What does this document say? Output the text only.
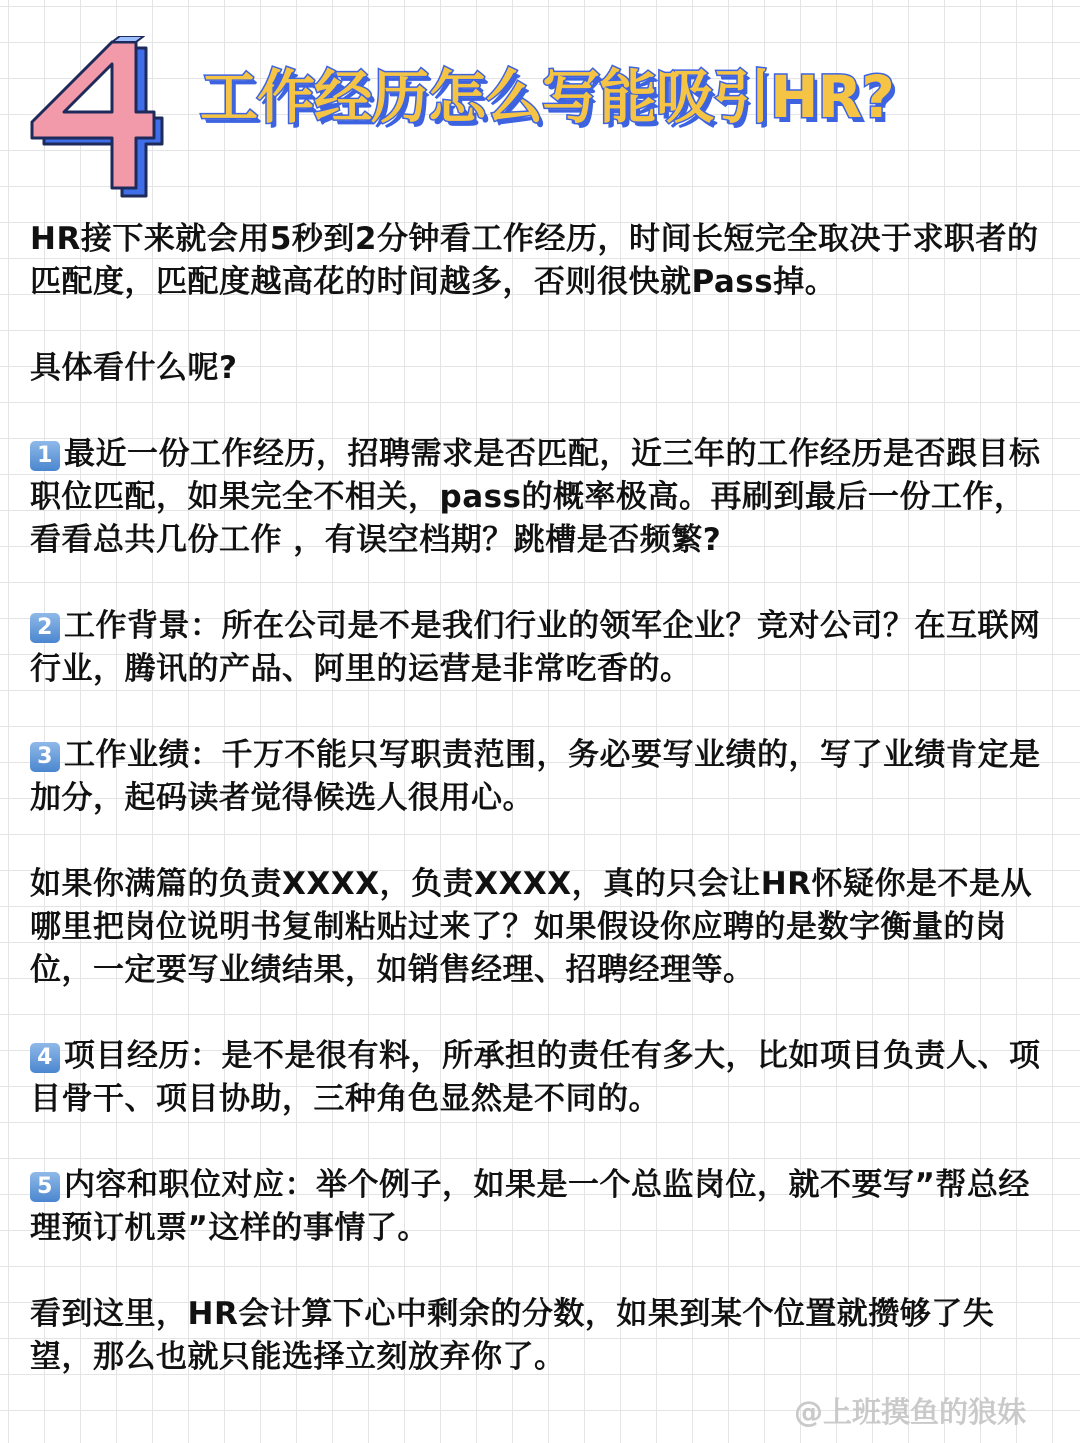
工作经历怎么写能吸引HR?

HR接下来就会用5秒到2分钟看工作经历，时间长短完全取决于求职者的匹配度，匹配度越高花的时间越多，否则很快就Pass掉。

具体看什么呢?

1 最近一份工作经历，招聘需求是否匹配，近三年的工作经历是否跟目标职位匹配，如果完全不相关，pass的概率极高。再刷到最后一份工作，看看总共几份工作 ，有误空档期？跳槽是否频繁?

2 工作背景：所在公司是不是我们行业的领军企业？竞对公司？在互联网行业，腾讯的产品、阿里的运营是非常吃香的。

3 工作业绩：千万不能只写职责范围，务必要写业绩的，写了业绩肯定是加分，起码读者觉得候选人很用心。

如果你满篇的负责XXXX，负责XXXX，真的只会让HR怀疑你是不是从哪里把岗位说明书复制粘贴过来了？如果假设你应聘的是数字衡量的岗位，一定要写业绩结果，如销售经理、招聘经理等。

4 项目经历：是不是很有料，所承担的责任有多大，比如项目负责人、项目骨干、项目协助，三种角色显然是不同的。

5 内容和职位对应：举个例子，如果是一个总监岗位，就不要写”帮总经理预订机票”这样的事情了。

看到这里，HR会计算下心中剩余的分数，如果到某个位置就攒够了失望，那么也就只能选择立刻放弃你了。

@上班摸鱼的狼妹
